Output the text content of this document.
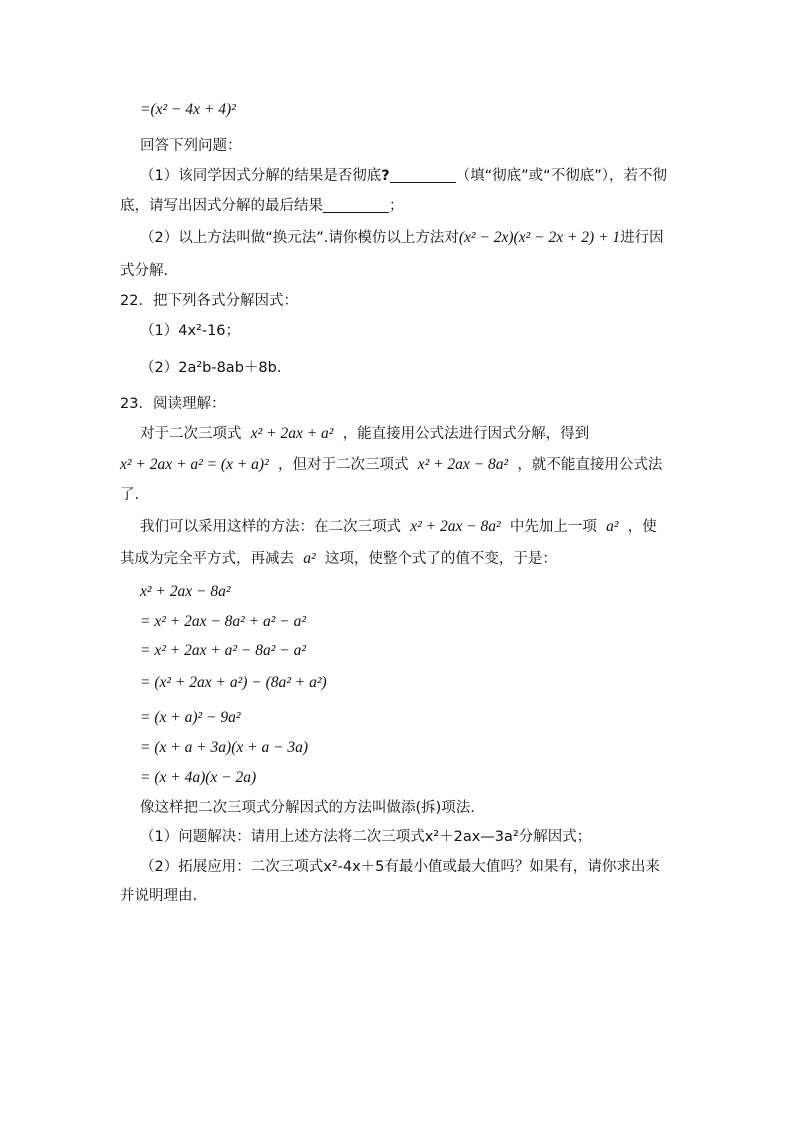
=(x² − 4x + 4)²
回答下列问题：
（1）该同学因式分解的结果是否彻底?	（填“彻底”或“不彻底”），若不彻
底，请写出因式分解的最后结果	；
（2）以上方法叫做“换元法”.请你模仿以上方法对(x² − 2x)(x² − 2x + 2) + 1进行因
式分解.
22．把下列各式分解因式：
（1）4x²-16；
（2）2a²b-8ab＋8b．
23．阅读理解：
对于二次三项式 x² + 2ax + a² ，能直接用公式法进行因式分解，得到
x² + 2ax + a² = (x + a)² ，但对于二次三项式 x² + 2ax − 8a² ，就不能直接用公式法
了.
我们可以采用这样的方法：在二次三项式 x² + 2ax − 8a² 中先加上一项 a² ，使
其成为完全平方式，再减去 a² 这项，使整个式了的值不变，于是：
x² + 2ax − 8a²
= x² + 2ax − 8a² + a² − a²
= x² + 2ax + a² − 8a² − a²
= (x² + 2ax + a²) − (8a² + a²)
= (x + a)² − 9a²
= (x + a + 3a)(x + a − 3a)
= (x + 4a)(x − 2a)
像这样把二次三项式分解因式的方法叫做添(拆)项法.
（1）问题解决：请用上述方法将二次三项式x²＋2ax—3a²分解因式；
（2）拓展应用：二次三项式x²-4x＋5有最小值或最大值吗？如果有，请你求出来
并说明理由.
